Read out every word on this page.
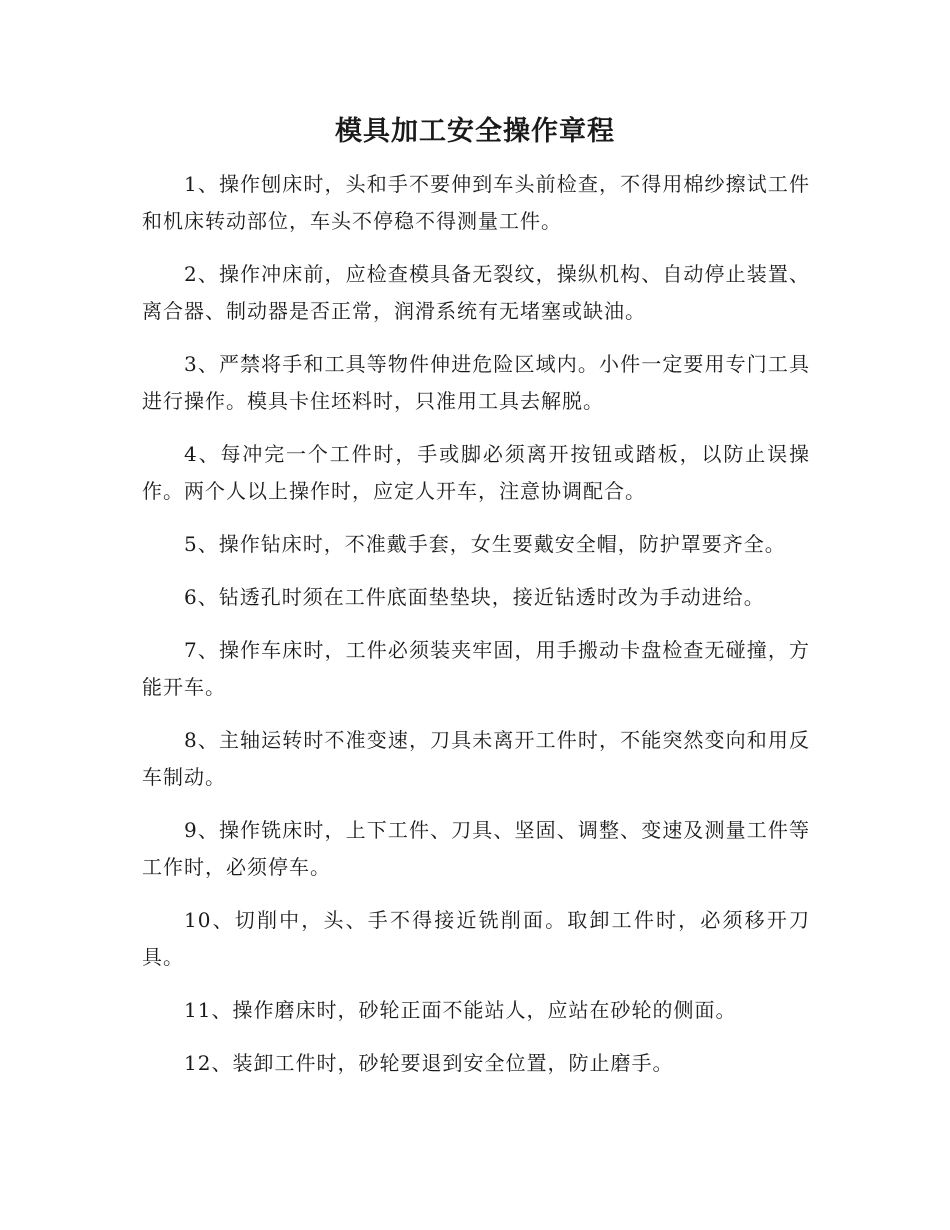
模具加工安全操作章程

1、操作刨床时，头和手不要伸到车头前检查，不得用棉纱擦试工件和机床转动部位，车头不停稳不得测量工件。

2、操作冲床前，应检查模具备无裂纹，操纵机构、自动停止装置、离合器、制动器是否正常，润滑系统有无堵塞或缺油。

3、严禁将手和工具等物件伸进危险区域内。小件一定要用专门工具进行操作。模具卡住坯料时，只准用工具去解脱。

4、每冲完一个工件时，手或脚必须离开按钮或踏板，以防止误操作。两个人以上操作时，应定人开车，注意协调配合。

5、操作钻床时，不准戴手套，女生要戴安全帽，防护罩要齐全。

6、钻透孔时须在工件底面垫垫块，接近钻透时改为手动进给。

7、操作车床时，工件必须装夹牢固，用手搬动卡盘检查无碰撞，方能开车。

8、主轴运转时不准变速，刀具未离开工件时，不能突然变向和用反车制动。

9、操作铣床时，上下工件、刀具、坚固、调整、变速及测量工件等工作时，必须停车。

10、切削中，头、手不得接近铣削面。取卸工件时，必须移开刀具。

11、操作磨床时，砂轮正面不能站人，应站在砂轮的侧面。

12、装卸工件时，砂轮要退到安全位置，防止磨手。
